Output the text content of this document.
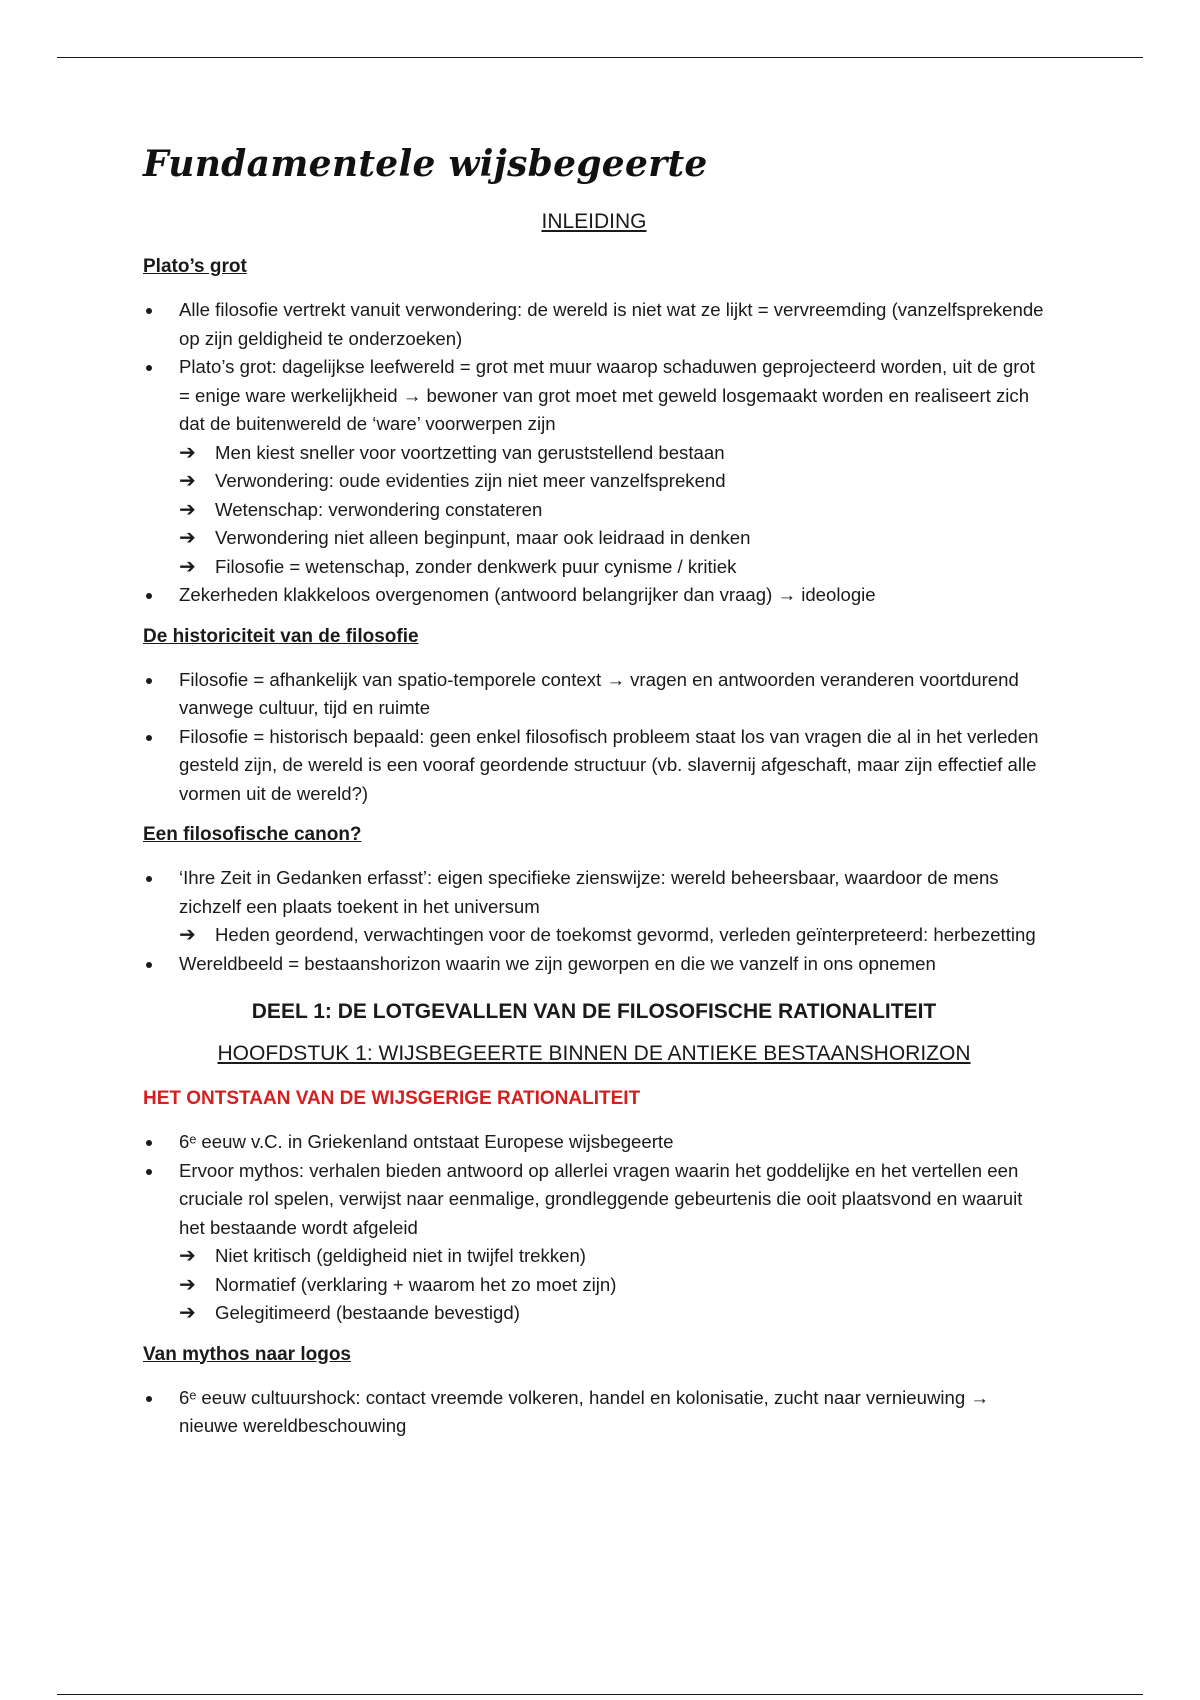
Fundamentele wijsbegeerte
INLEIDING
Plato’s grot
Alle filosofie vertrekt vanuit verwondering: de wereld is niet wat ze lijkt = vervreemding (vanzelfsprekende op zijn geldigheid te onderzoeken)
Plato’s grot: dagelijkse leefwereld = grot met muur waarop schaduwen geprojecteerd worden, uit de grot = enige ware werkelijkheid → bewoner van grot moet met geweld losgemaakt worden en realiseert zich dat de buitenwereld de ‘ware’ voorwerpen zijn
➔ Men kiest sneller voor voortzetting van geruststellend bestaan
➔ Verwondering: oude evidenties zijn niet meer vanzelfsprekend
➔ Wetenschap: verwondering constateren
➔ Verwondering niet alleen beginpunt, maar ook leidraad in denken
➔ Filosofie = wetenschap, zonder denkwerk puur cynisme / kritiek
Zekerheden klakkeloos overgenomen (antwoord belangrijker dan vraag) → ideologie
De historiciteit van de filosofie
Filosofie = afhankelijk van spatio-temporele context → vragen en antwoorden veranderen voortdurend vanwege cultuur, tijd en ruimte
Filosofie = historisch bepaald: geen enkel filosofisch probleem staat los van vragen die al in het verleden gesteld zijn, de wereld is een vooraf geordende structuur (vb. slavernij afgeschaft, maar zijn effectief alle vormen uit de wereld?)
Een filosofische canon?
‘Ihre Zeit in Gedanken erfasst’: eigen specifieke zienswijze: wereld beheersbaar, waardoor de mens zichzelf een plaats toekent in het universum
➔ Heden geordend, verwachtingen voor de toekomst gevormd, verleden geïnterpreteerd: herbezetting
Wereldbeeld = bestaanshorizon waarin we zijn geworpen en die we vanzelf in ons opnemen
DEEL 1: DE LOTGEVALLEN VAN DE FILOSOFISCHE RATIONALITEIT
HOOFDSTUK 1: WIJSBEGEERTE BINNEN DE ANTIEKE BESTAANSHORIZON
HET ONTSTAAN VAN DE WIJSGERIGE RATIONALITEIT
6ᵉ eeuw v.C. in Griekenland ontstaat Europese wijsbegeerte
Ervoor mythos: verhalen bieden antwoord op allerlei vragen waarin het goddelijke en het vertellen een cruciale rol spelen, verwijst naar eenmalige, grondleggende gebeurtenis die ooit plaatsvond en waaruit het bestaande wordt afgeleid
➔ Niet kritisch (geldigheid niet in twijfel trekken)
➔ Normatief (verklaring + waarom het zo moet zijn)
➔ Gelegitimeerd (bestaande bevestigd)
Van mythos naar logos
6ᵉ eeuw cultuurshock: contact vreemde volkeren, handel en kolonisatie, zucht naar vernieuwing → nieuwe wereldbeschouwing
